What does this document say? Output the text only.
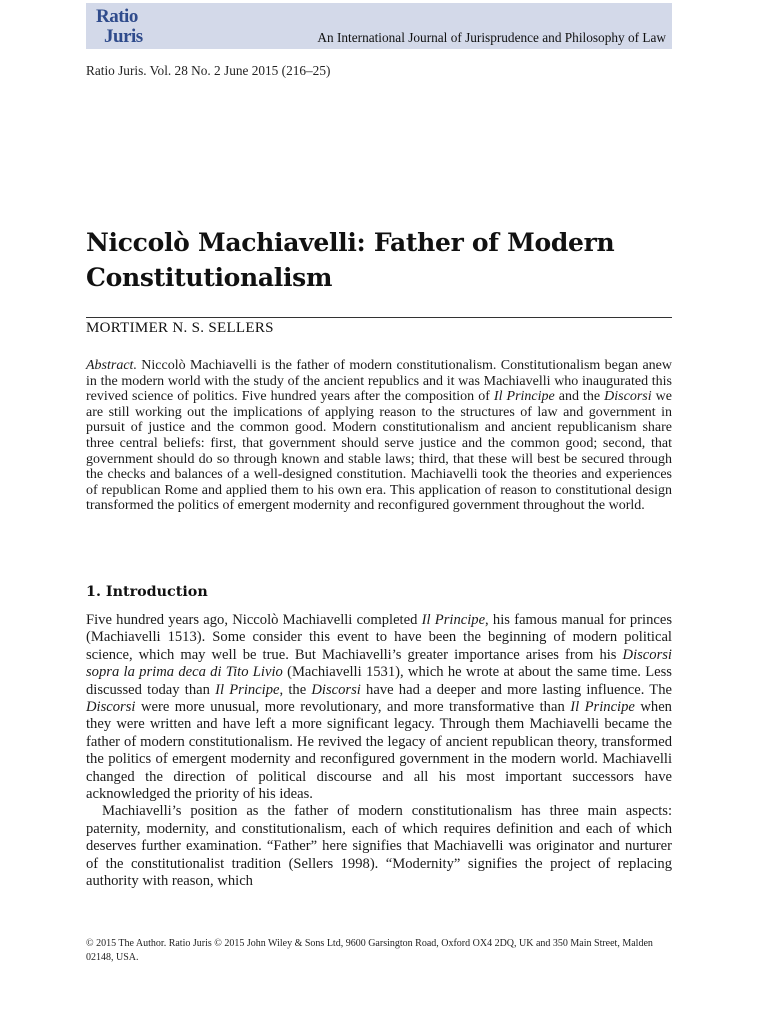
Ratio
Juris	An International Journal of Jurisprudence and Philosophy of Law
Ratio Juris. Vol. 28 No. 2 June 2015 (216–25)
Niccolò Machiavelli: Father of Modern Constitutionalism
MORTIMER N. S. SELLERS

Abstract. Niccolò Machiavelli is the father of modern constitutionalism. Constitutionalism began anew in the modern world with the study of the ancient republics and it was Machiavelli who inaugurated this revived science of politics. Five hundred years after the composition of Il Principe and the Discorsi we are still working out the implications of applying reason to the structures of law and government in pursuit of justice and the common good. Modern constitutionalism and ancient republicanism share three central beliefs: first, that government should serve justice and the common good; second, that government should do so through known and stable laws; third, that these will best be secured through the checks and balances of a well-designed constitution. Machiavelli took the theories and experiences of republican Rome and applied them to his own era. This application of reason to constitutional design transformed the politics of emergent modernity and reconfigured government throughout the world.

1. Introduction

Five hundred years ago, Niccolò Machiavelli completed Il Principe, his famous manual for princes (Machiavelli 1513). Some consider this event to have been the beginning of modern political science, which may well be true. But Machiavelli’s greater importance arises from his Discorsi sopra la prima deca di Tito Livio (Machiavelli 1531), which he wrote at about the same time. Less discussed today than Il Principe, the Discorsi have had a deeper and more lasting influence. The Discorsi were more unusual, more revolutionary, and more transformative than Il Principe when they were written and have left a more significant legacy. Through them Machiavelli became the father of modern constitutionalism. He revived the legacy of ancient republican theory, transformed the politics of emergent modernity and reconfigured government in the modern world. Machiavelli changed the direction of political discourse and all his most important successors have acknowledged the priority of his ideas.

Machiavelli’s position as the father of modern constitutionalism has three main aspects: paternity, modernity, and constitutionalism, each of which requires definition and each of which deserves further examination. “Father” here signifies that Machiavelli was originator and nurturer of the constitutionalist tradition (Sellers 1998). “Modernity” signifies the project of replacing authority with reason, which

© 2015 The Author. Ratio Juris © 2015 John Wiley & Sons Ltd, 9600 Garsington Road, Oxford OX4 2DQ, UK and 350 Main Street, Malden 02148, USA.
